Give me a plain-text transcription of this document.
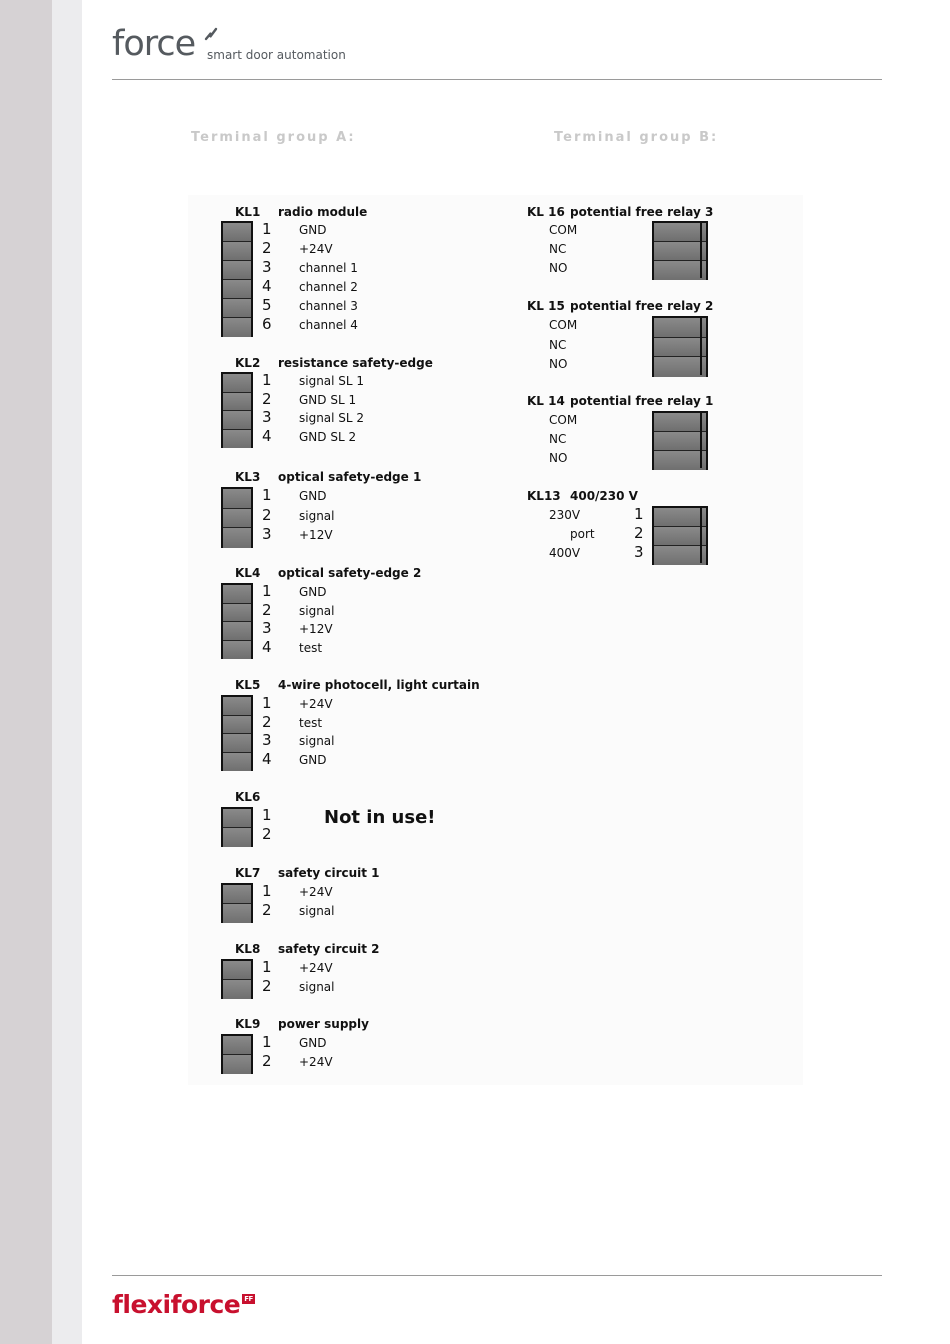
force smart door automation
Terminal group A:	Terminal group B:
KL1 radio module
1 GND
2 +24V
3 channel 1
4 channel 2
5 channel 3
6 channel 4
KL2 resistance safety-edge
1 signal SL 1
2 GND SL 1
3 signal SL 2
4 GND SL 2
KL3 optical safety-edge 1
1 GND
2 signal
3 +12V
KL4 optical safety-edge 2
1 GND
2 signal
3 +12V
4 test
KL5 4-wire photocell, light curtain
1 +24V
2 test
3 signal
4 GND
KL6
1
2
Not in use!
KL7 safety circuit 1
1 +24V
2 signal
KL8 safety circuit 2
1 +24V
2 signal
KL9 power supply
1 GND
2 +24V
KL 16 potential free relay 3
COM
NC
NO
KL 15 potential free relay 2
COM
NC
NO
KL 14 potential free relay 1
COM
NC
NO
KL13 400/230 V
230V	1
port	2
400V	3
flexiforce FF
